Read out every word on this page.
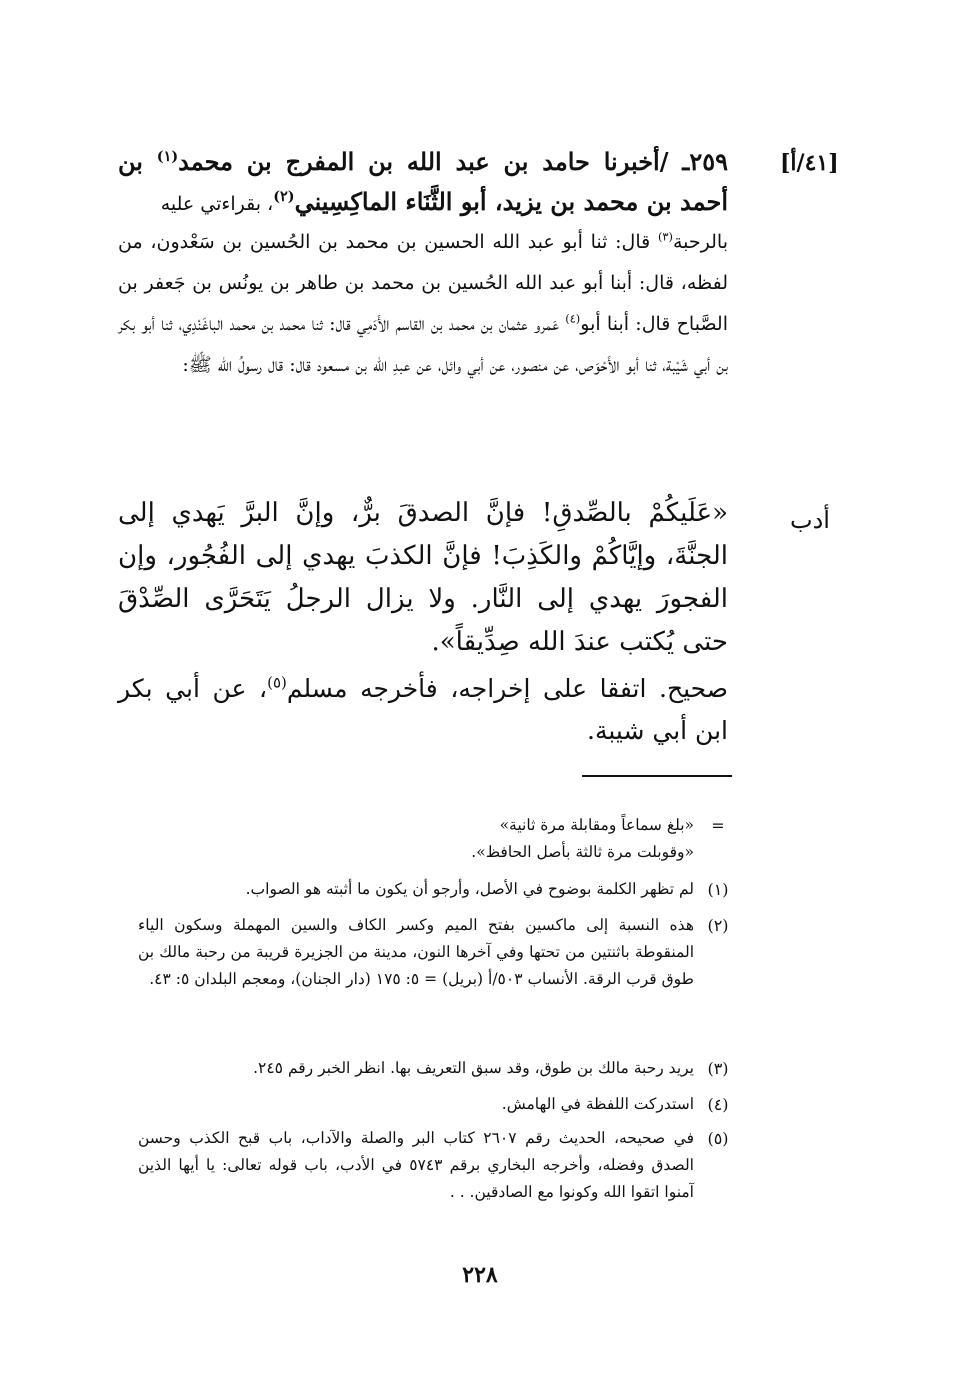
[٤١/أ]
أدب
٢٥٩ـ /أخبرنا حامد بن عبد الله بن المفرج بن محمد$^{(١)}$ بن أحمد بن محمد بن يزيد، أبو الثَّنَاء الماكِسِيني$^{(٢)}$، بقراءتي عليه
بالرحبة$^{(٣)}$ قال: ثنا أبو عبد الله الحسين بن محمد بن الحُسين بن سَعْدون، من لفظه، قال: أبنا أبو عبد الله الحُسين بن محمد بن طاهر بن يونُس بن جَعفر بن الصَّباح قال: أبنا أبو$^{(٤)}$ عَمرو عثمان بن محمد بن القاسم الأَدَمِي قال: ثنا محمد بن محمد الباغَنْدِي، ثنا أبو بكر بن أبي شَيْبة، ثنا أبو الأَحْوَص، عن منصور، عن أبي وائل، عن عبدِ الله بن مسعود قال: قال رسولُ الله ﷺ:
«عَلَيكُمْ بالصِّدقِ! فإنَّ الصدقَ برٌّ، وإنَّ البرَّ يَهدي إلى الجنَّةَ، وإيَّاكُمْ والكَذِبَ! فإنَّ الكذبَ يهدي إلى الفُجُور، وإن الفجورَ يهدي إلى النَّار. ولا يزال الرجلُ يَتَحَرَّى الصِّدْقَ حتى يُكتب عندَ الله صِدِّيقاً».
صحيح. اتفقا على إخراجه، فأخرجه مسلم$^{(٥)}$، عن أبي بكر ابن أبي شيبة.
=
«بلغ سماعاً ومقابلة مرة ثانية»
«وقوبلت مرة ثالثة بأصل الحافظ».
(١)
لم تظهر الكلمة بوضوح في الأصل، وأرجو أن يكون ما أثبته هو الصواب.
(٢)
هذه النسبة إلى ماكسين بفتح الميم وكسر الكاف والسين المهملة وسكون الياء المنقوطة باثنتين من تحتها وفي آخرها النون، مدينة من الجزيرة قريبة من رحبة مالك بن طوق قرب الرقة. الأنساب ٥٠٣/أ (بريل) = ٥: ١٧٥ (دار الجنان)، ومعجم البلدان ٥: ٤٣.
(٣)
يريد رحبة مالك بن طوق، وقد سبق التعريف بها. انظر الخبر رقم ٢٤٥.
(٤)
استدركت اللفظة في الهامش.
(٥)
في صحيحه، الحديث رقم ٢٦٠٧ كتاب البر والصلة والآداب، باب قبح الكذب وحسن الصدق وفضله، وأخرجه البخاري برقم ٥٧٤٣ في الأدب، باب قوله تعالى: يا أيها الذين آمنوا اتقوا الله وكونوا مع الصادقين. . .
٢٢٨
